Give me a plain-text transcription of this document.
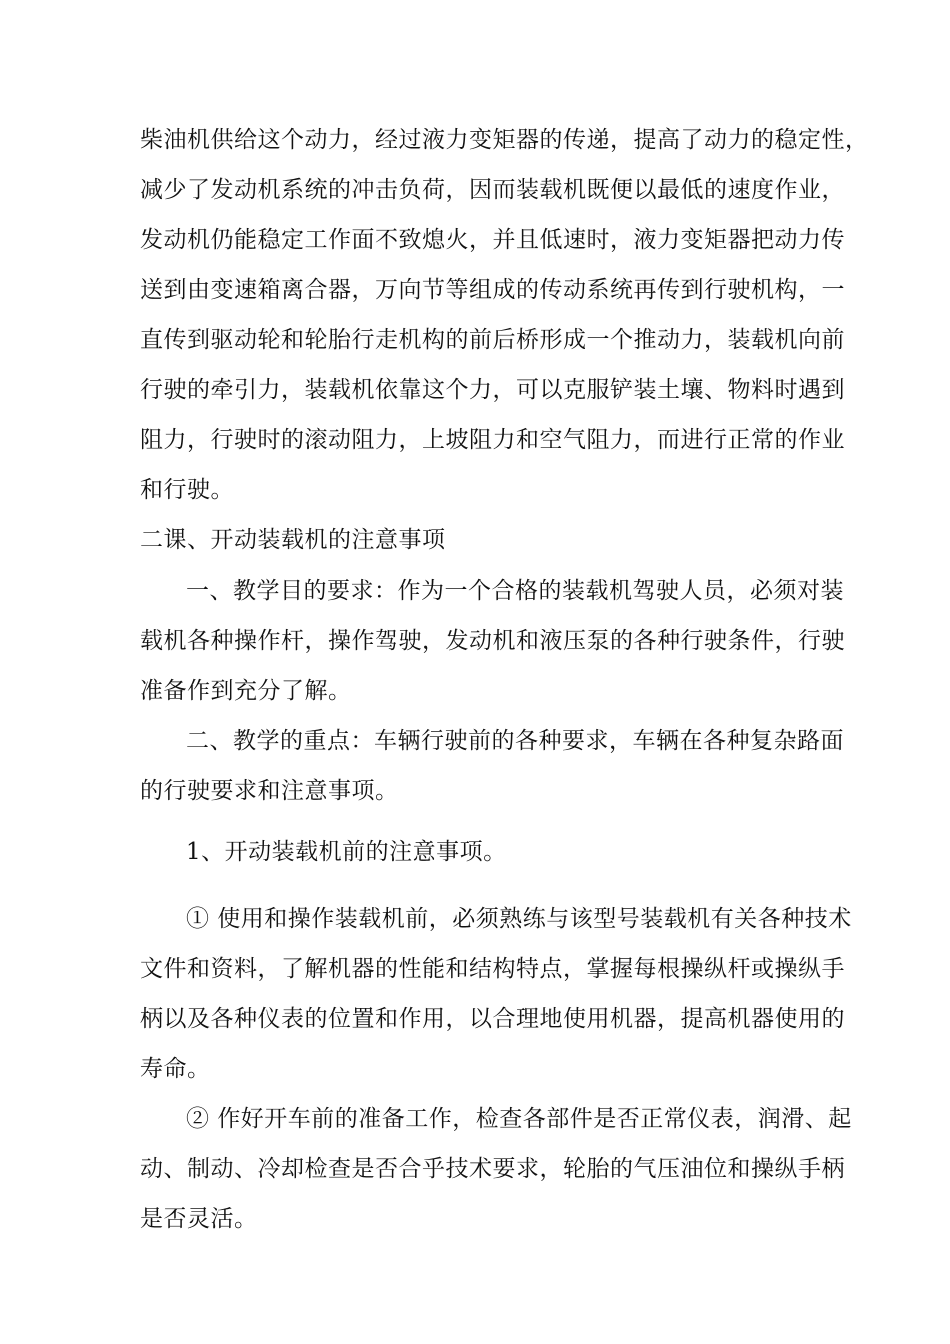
柴油机供给这个动力，经过液力变矩器的传递，提高了动力的稳定性，
减少了发动机系统的冲击负荷，因而装载机既便以最低的速度作业，
发动机仍能稳定工作面不致熄火，并且低速时，液力变矩器把动力传
送到由变速箱离合器，万向节等组成的传动系统再传到行驶机构，一
直传到驱动轮和轮胎行走机构的前后桥形成一个推动力，装载机向前
行驶的牵引力，装载机依靠这个力，可以克服铲装土壤、物料时遇到
阻力，行驶时的滚动阻力，上坡阻力和空气阻力，而进行正常的作业
和行驶。
二课、开动装载机的注意事项
一、教学目的要求：作为一个合格的装载机驾驶人员，必须对装
载机各种操作杆，操作驾驶，发动机和液压泵的各种行驶条件，行驶
准备作到充分了解。
二、教学的重点：车辆行驶前的各种要求，车辆在各种复杂路面
的行驶要求和注意事项。
1、开动装载机前的注意事项。
① 使用和操作装载机前，必须熟练与该型号装载机有关各种技术
文件和资料，了解机器的性能和结构特点，掌握每根操纵杆或操纵手
柄以及各种仪表的位置和作用，以合理地使用机器，提高机器使用的
寿命。
② 作好开车前的准备工作，检查各部件是否正常仪表，润滑、起
动、制动、冷却检查是否合乎技术要求，轮胎的气压油位和操纵手柄
是否灵活。
